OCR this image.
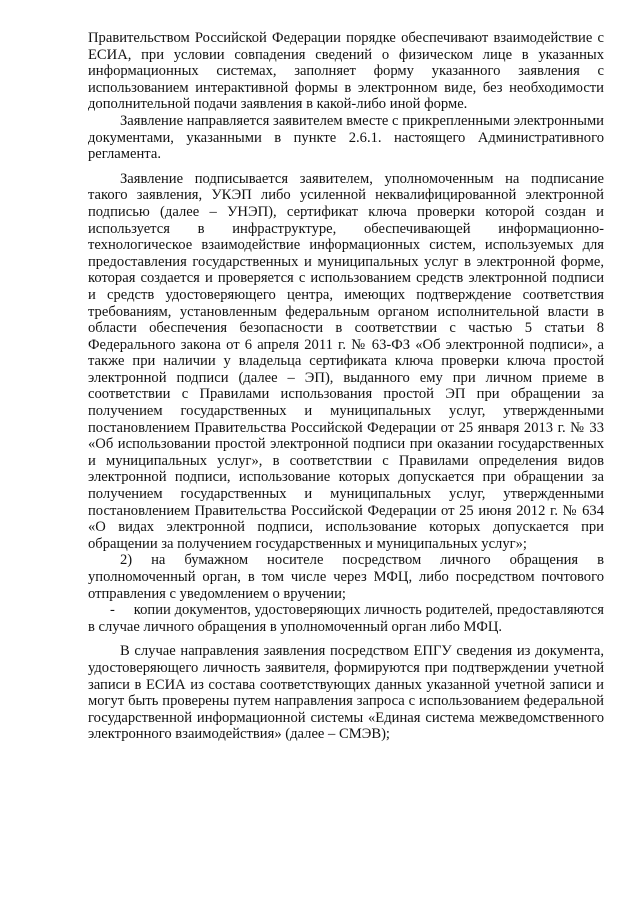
Правительством Российской Федерации порядке обеспечивают взаимодействие с ЕСИА, при условии совпадения сведений о физическом лице в указанных информационных системах, заполняет форму указанного заявления с использованием интерактивной формы в электронном виде, без необходимости дополнительной подачи заявления в какой-либо иной форме.

Заявление направляется заявителем вместе с прикрепленными электронными документами, указанными в пункте 2.6.1. настоящего Административного регламента.

Заявление подписывается заявителем, уполномоченным на подписание такого заявления, УКЭП либо усиленной неквалифицированной электронной подписью (далее – УНЭП), сертификат ключа проверки которой создан и используется в инфраструктуре, обеспечивающей информационно-технологическое взаимодействие информационных систем, используемых для предоставления государственных и муниципальных услуг в электронной форме, которая создается и проверяется с использованием средств электронной подписи и средств удостоверяющего центра, имеющих подтверждение соответствия требованиям, установленным федеральным органом исполнительной власти в области обеспечения безопасности в соответствии с частью 5 статьи 8 Федерального закона от 6 апреля 2011 г. № 63-ФЗ «Об электронной подписи», а также при наличии у владельца сертификата ключа проверки ключа простой электронной подписи (далее – ЭП), выданного ему при личном приеме в соответствии с Правилами использования простой ЭП при обращении за получением государственных и муниципальных услуг, утвержденными постановлением Правительства Российской Федерации от 25 января 2013 г. № 33 «Об использовании простой электронной подписи при оказании государственных и муниципальных услуг», в соответствии с Правилами определения видов электронной подписи, использование которых допускается при обращении за получением государственных и муниципальных услуг, утвержденными постановлением Правительства Российской Федерации от 25 июня 2012 г. № 634 «О видах электронной подписи, использование которых допускается при обращении за получением государственных и муниципальных услуг»;

2) на бумажном носителе посредством личного обращения в уполномоченный орган, в том числе через МФЦ, либо посредством почтового отправления с уведомлением о вручении;

-     копии документов, удостоверяющих личность родителей, предоставляются в случае личного обращения в уполномоченный орган либо МФЦ.

В случае направления заявления посредством ЕПГУ сведения из документа, удостоверяющего личность заявителя, формируются при подтверждении учетной записи в ЕСИА из состава соответствующих данных указанной учетной записи и могут быть проверены путем направления запроса с использованием федеральной государственной информационной системы «Единая система межведомственного электронного взаимодействия» (далее – СМЭВ);
